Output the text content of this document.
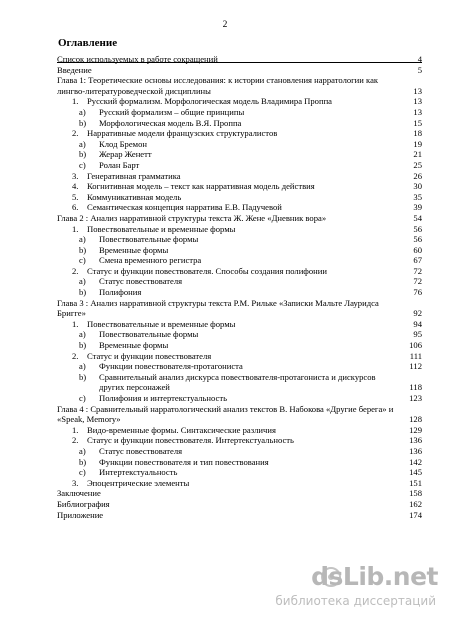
2
Оглавление
Список используемых в работе сокращений	4
Введение	5
Глава 1: Теоретические основы исследования: к истории становления нарратологии как лингво-литературоведческой дисциплины	13
1. Русский формализм. Морфологическая модель Владимира Проппа	13
a) Русский формализм – общие принципы	13
b) Морфологическая модель В.Я. Проппа	15
2. Нарративные модели французских структуралистов	18
a) Клод Бремон	19
b) Жерар Женетт	21
c) Ролан Барт	25
3. Генеративная грамматика	26
4. Когнитивная модель – текст как нарративная модель действия	30
5. Коммуникативная модель	35
6. Семантическая концепция нарратива Е.В. Падучевой	39
Глава 2 : Анализ нарративной структуры текста Ж. Жене «Дневник вора»	54
1. Повествовательные и временные формы	56
a) Повествовательные формы	56
b) Временные формы	60
c) Смена временного регистра	67
2. Статус и функции повествователя. Способы создания полифонии	72
a) Статус повествователя	72
b) Полифония	76
Глава 3 : Анализ нарративной структуры текста Р.М. Рильке «Записки Мальте Лауридса Бригге»	92
1. Повествовательные и временные формы	94
a) Повествовательные формы	95
b) Временные формы	106
2. Статус и функции повествователя	111
a) Функции повествователя-протагониста	112
b) Сравнительный анализ дискурса повествователя-протагониста и дискурсов других персонажей	118
c) Полифония и интертекстуальность	123
Глава 4 : Сравнительный нарратологический анализ текстов В. Набокова «Другие берега» и «Speak, Memory»	128
1. Видо-временные формы. Синтаксические различия	129
2. Статус и функции повествователя. Интертекстуальность	136
a) Статус повествователя	136
b) Функции повествователя и тип повествования	142
c) Интертекстуальность	145
3. Эпоцентрические элементы	151
Заключение	158
Библиография	162
Приложение	174
dsLib.net
библиотека диссертаций
